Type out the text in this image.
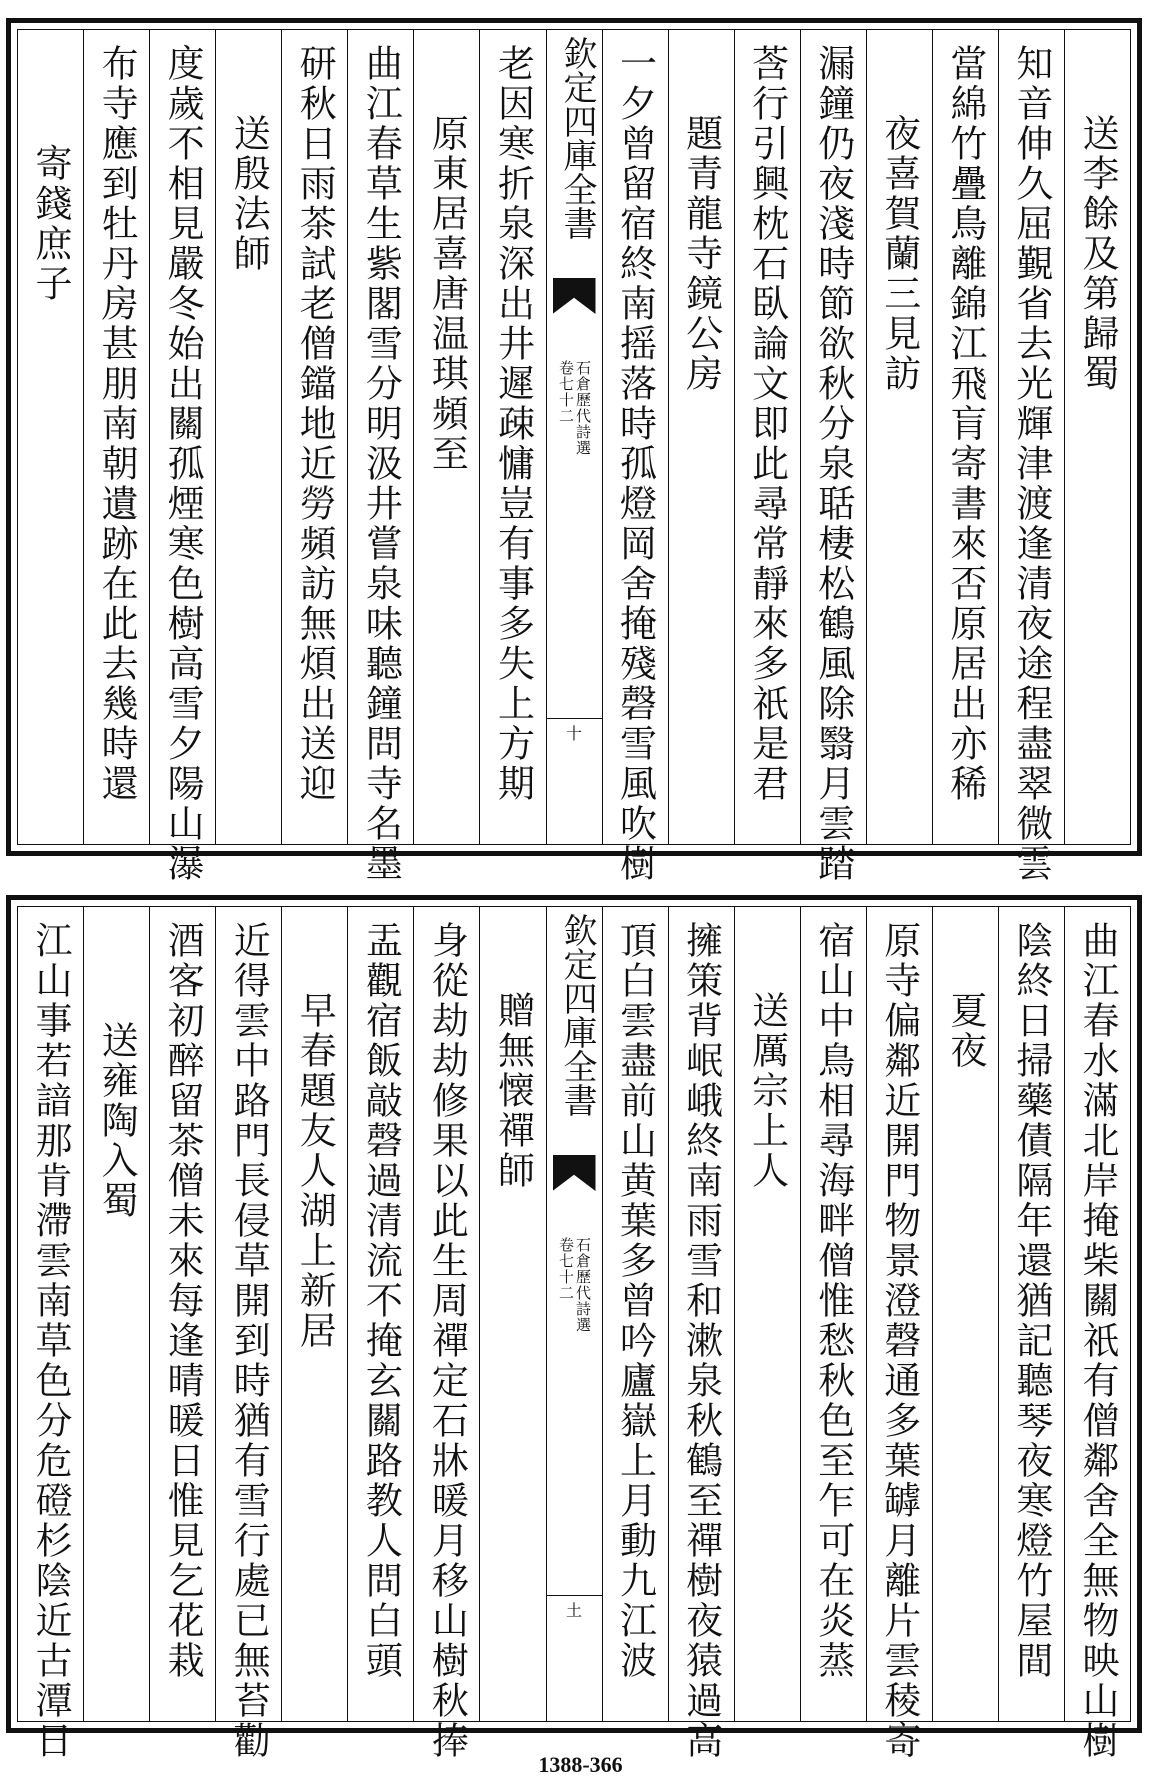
送李餘及第歸蜀
知音伸久屈覲省去光輝津渡逢清夜途程盡翠微雲
當綿竹疊鳥離錦江飛肓寄書來否原居出亦稀
夜喜賀蘭三見訪
漏鐘仍夜淺時節欲秋分泉聒棲松鶴風除翳月雲踏
莟行引興枕石臥論文即此尋常靜來多祇是君
題青龍寺鏡公房
一夕曾留宿終南摇落時孤燈岡舍掩殘磬雪風吹樹
欽定四庫全書
石倉歷代詩選
卷七十二
十
老因寒折泉深出井遲疎慵豈有事多失上方期
原東居喜唐温琪頻至
曲江春草生紫閣雪分明汲井嘗泉味聽鐘問寺名墨
研秋日雨茶試老僧鐺地近勞頻訪無煩出送迎
送殷法師
度歲不相見嚴冬始出關孤煙寒色樹高雪夕陽山瀑
布寺應到牡丹房甚朋南朝遺跡在此去幾時還
寄錢庶子
曲江春水滿北岸掩柴關祇有僧鄰舍全無物映山樹
陰終日掃藥債隔年還猶記聽琴夜寒燈竹屋間
夏夜
原寺偏鄰近開門物景澄磬通多葉罅月離片雲稜寄
宿山中鳥相尋海畔僧惟愁秋色至乍可在炎蒸
送厲宗上人
擁策背岷峨終南雨雪和漱泉秋鶴至禪樹夜猿過高
頂白雲盡前山黄葉多曾吟廬嶽上月動九江波
欽定四庫全書
石倉歷代詩選
卷七十二
土
贈無懐禪師
身從劫劫修果以此生周禪定石牀暖月移山樹秋捧
盂觀宿飯敲磬過清流不掩玄關路教人問白頭
早春題友人湖上新居
近得雲中路門長侵草開到時猶有雪行處已無苔勸
酒客初醉留茶僧未來每逢晴暖日惟見乞花栽
送雍陶入蜀
江山事若諳那肯滯雲南草色分危磴杉陰近古潭日
1388-366
